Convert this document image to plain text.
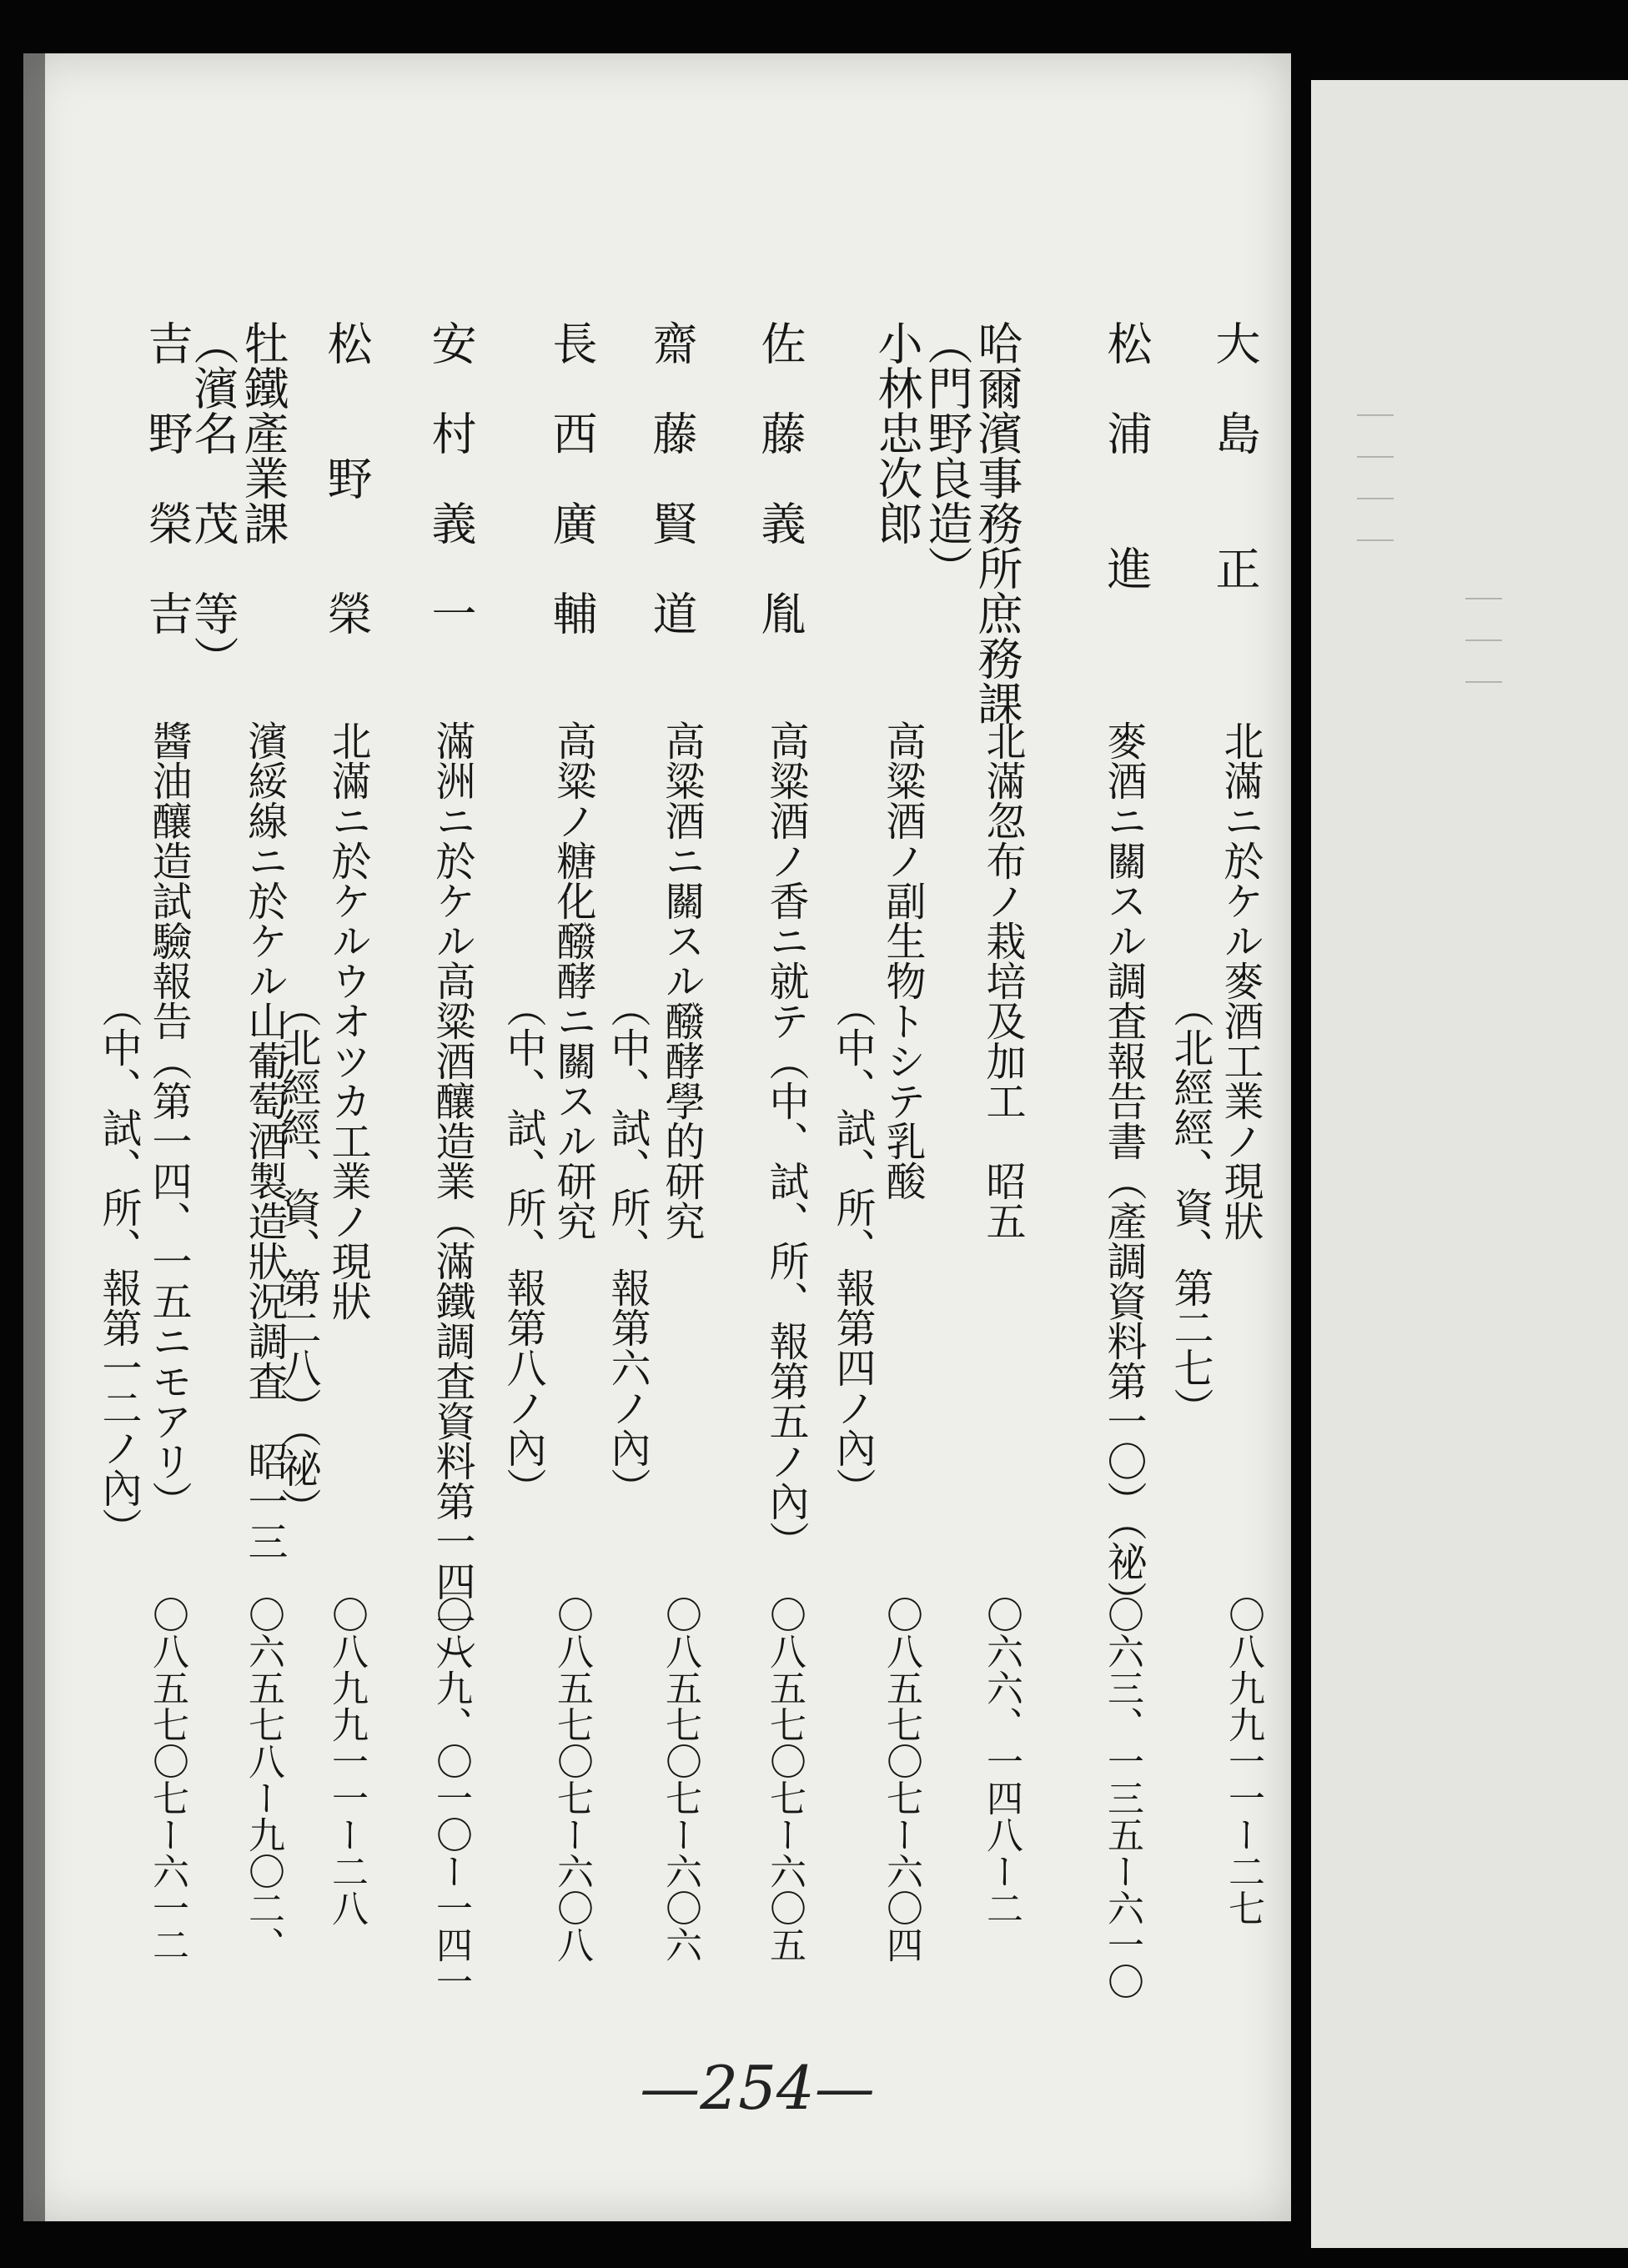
大　島　　正
北滿ニ於ケル麥酒工業ノ現狀
（北經經、資、第二七）
〇八九九一一ー二七
松　浦　　進
麥酒ニ關スル調査報告書（產調資料第一〇）（祕）
〇六三、一三五ー六一〇
哈爾濱事務所庶務課
（門野良造）
北滿忽布ノ栽培及加工　昭五
〇六六、一四八ー二
小林忠次郎
高粱酒ノ副生物トシテ乳酸
（中、試、所、報第四ノ內）
〇八五七〇七ー六〇四
佐　藤　義　胤
高粱酒ノ香ニ就テ（中、試、所、報第五ノ內）
〇八五七〇七ー六〇五
齋　藤　賢　道
高粱酒ニ關スル醱酵學的研究
（中、試、所、報第六ノ內）
〇八五七〇七ー六〇六
長　西　廣　輔
高粱ノ糖化醱酵ニ關スル研究
（中、試、所、報第八ノ內）
〇八五七〇七ー六〇八
安　村　義　一
滿洲ニ於ケル高粱酒釀造業（滿鐵調査資料第一四一）
〇八九、〇一〇ー一四一
松　　野　　榮
北滿ニ於ケルウオツカ工業ノ現狀
（北經經、資、第二八）（祕）
〇八九九一一ー二八
牡鐵產業課
（濱名　茂　等）
濱綏線ニ於ケル山葡萄酒製造狀況調査　昭一三
〇六五七八ー九〇二、
吉　野　榮　吉
醬油釀造試驗報告（第一四、一五ニモアリ）
（中、試、所、報第一二ノ內）
〇八五七〇七ー六一二
—254—
｜｜｜｜
｜｜｜
